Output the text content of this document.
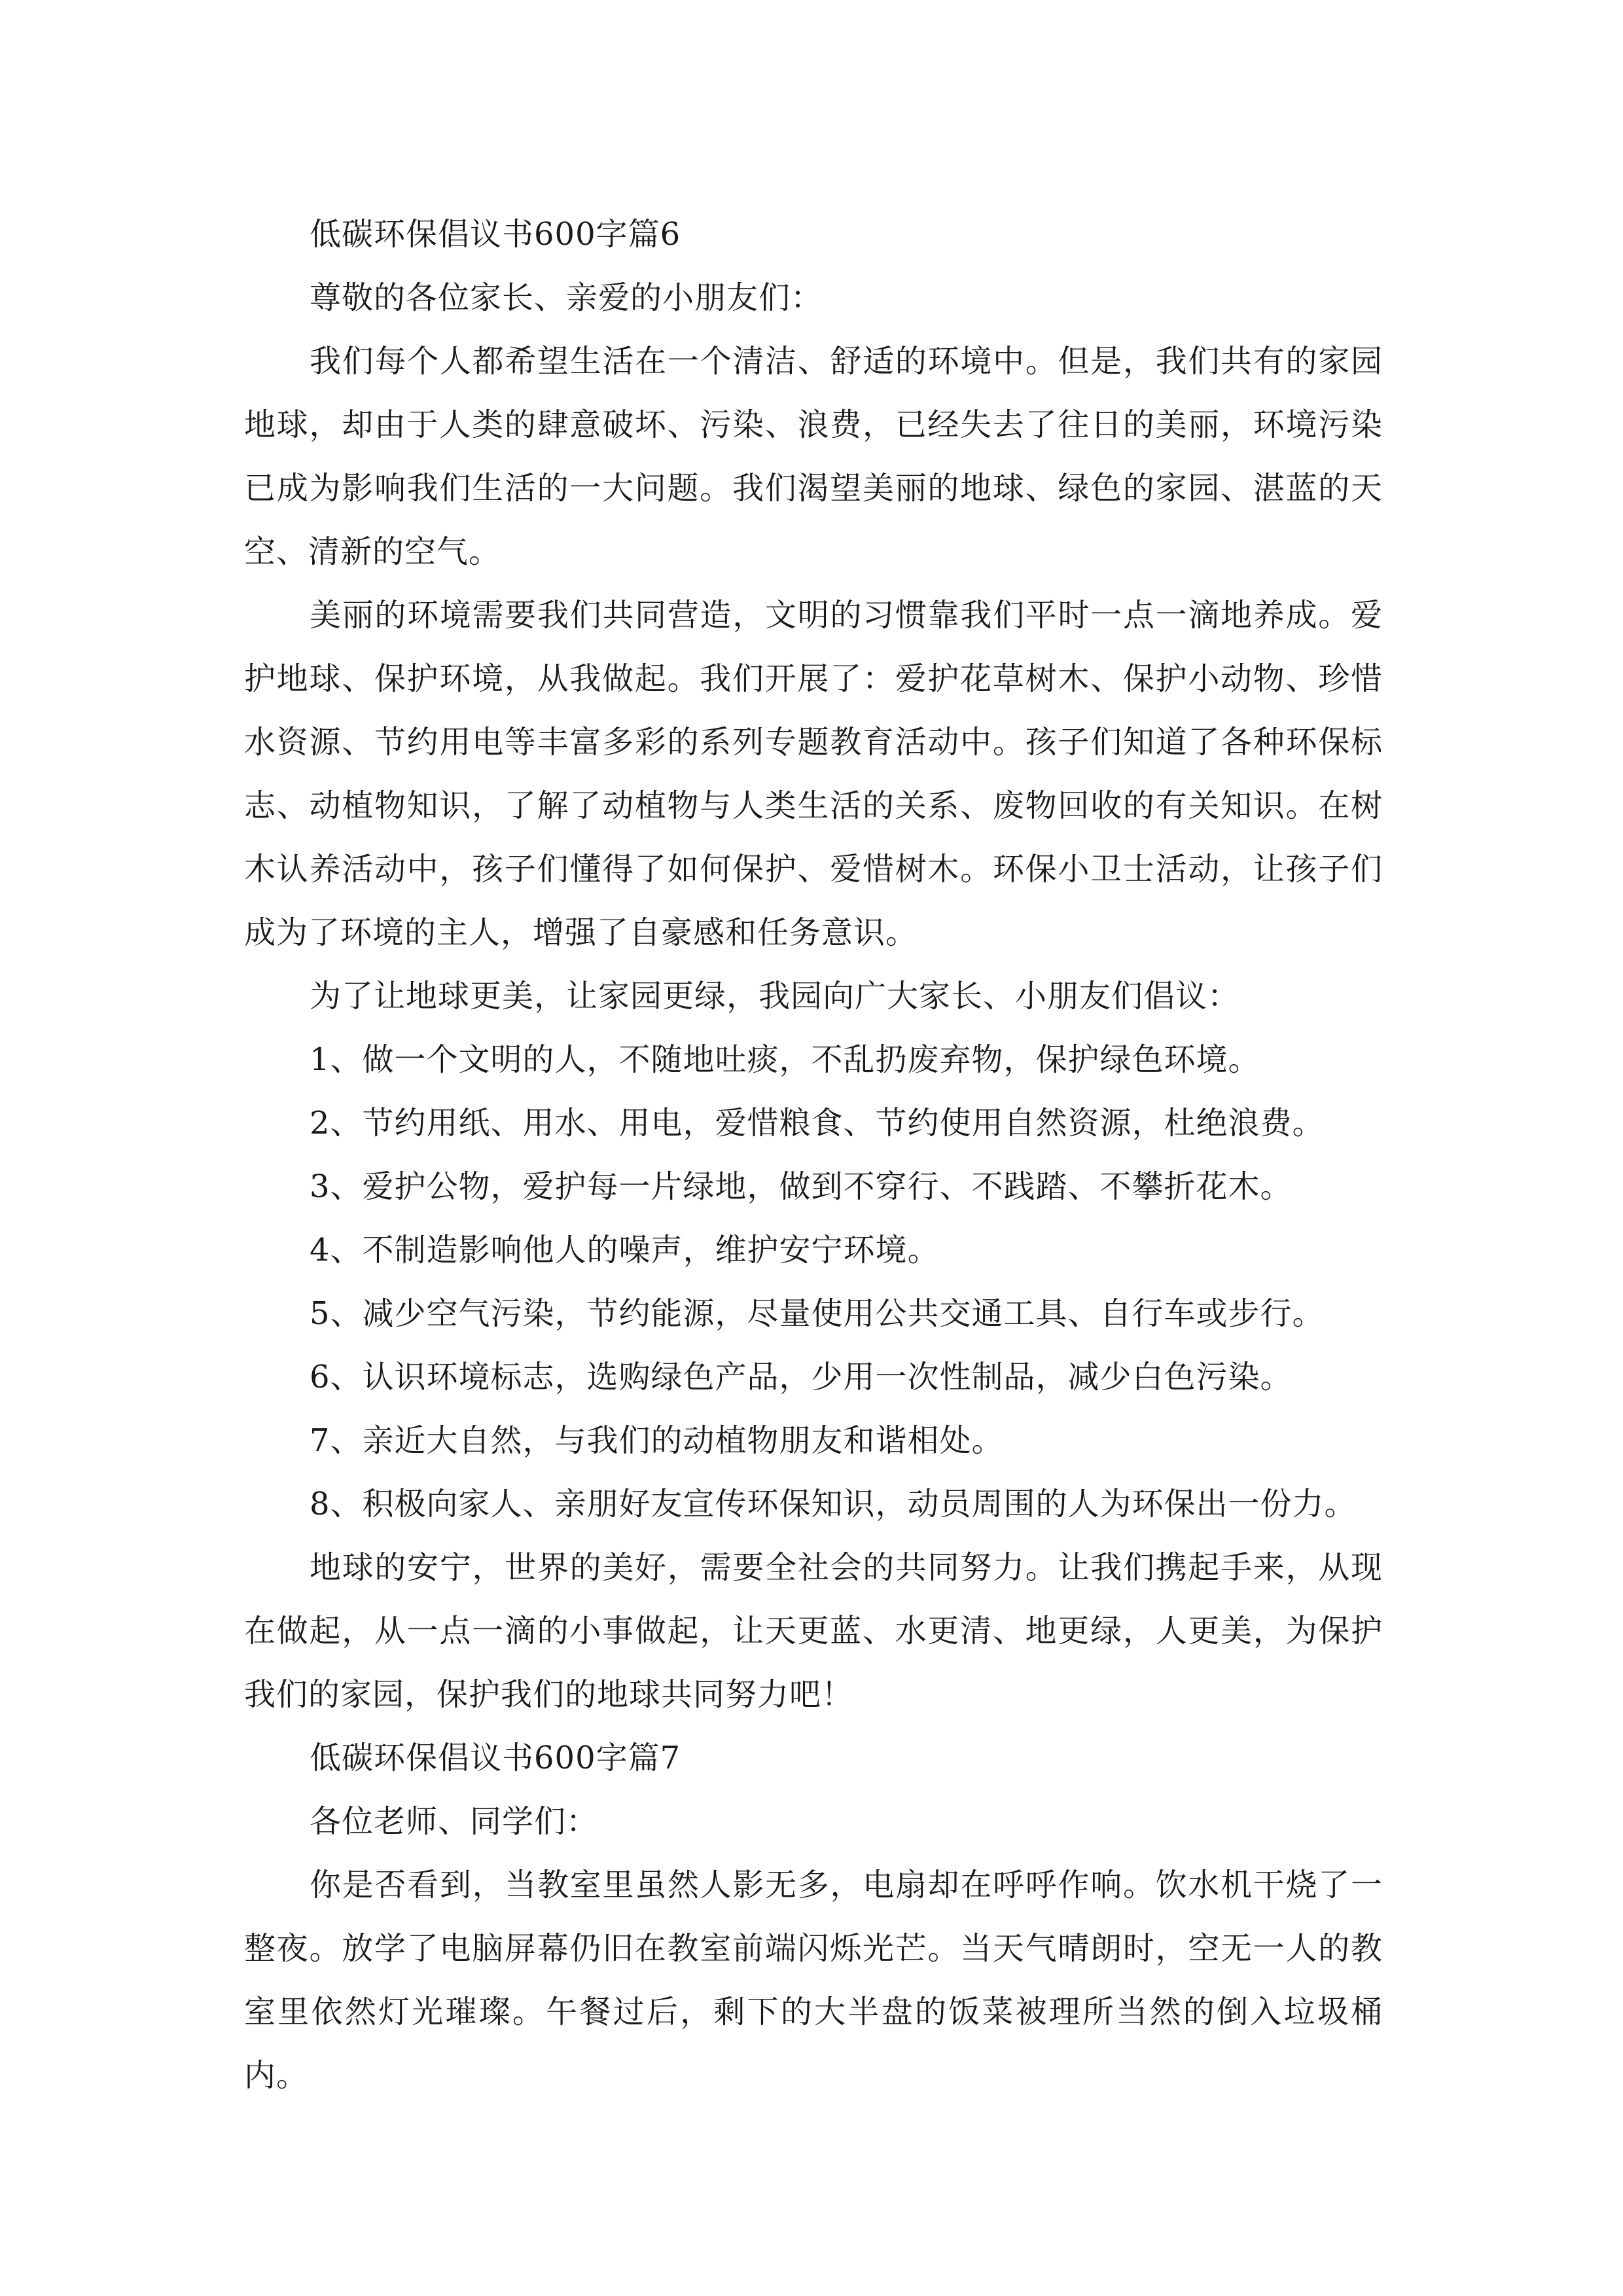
低碳环保倡议书600字篇6

尊敬的各位家长、亲爱的小朋友们：

我们每个人都希望生活在一个清洁、舒适的环境中。但是，我们共有的家园地球，却由于人类的肆意破坏、污染、浪费，已经失去了往日的美丽，环境污染已成为影响我们生活的一大问题。我们渴望美丽的地球、绿色的家园、湛蓝的天空、清新的空气。

美丽的环境需要我们共同营造，文明的习惯靠我们平时一点一滴地养成。爱护地球、保护环境，从我做起。我们开展了：爱护花草树木、保护小动物、珍惜水资源、节约用电等丰富多彩的系列专题教育活动中。孩子们知道了各种环保标志、动植物知识，了解了动植物与人类生活的关系、废物回收的有关知识。在树木认养活动中，孩子们懂得了如何保护、爱惜树木。环保小卫士活动，让孩子们成为了环境的主人，增强了自豪感和任务意识。

为了让地球更美，让家园更绿，我园向广大家长、小朋友们倡议：

1、做一个文明的人，不随地吐痰，不乱扔废弃物，保护绿色环境。

2、节约用纸、用水、用电，爱惜粮食、节约使用自然资源，杜绝浪费。

3、爱护公物，爱护每一片绿地，做到不穿行、不践踏、不攀折花木。

4、不制造影响他人的噪声，维护安宁环境。

5、减少空气污染，节约能源，尽量使用公共交通工具、自行车或步行。

6、认识环境标志，选购绿色产品，少用一次性制品，减少白色污染。

7、亲近大自然，与我们的动植物朋友和谐相处。

8、积极向家人、亲朋好友宣传环保知识，动员周围的人为环保出一份力。

地球的安宁，世界的美好，需要全社会的共同努力。让我们携起手来，从现在做起，从一点一滴的小事做起，让天更蓝、水更清、地更绿，人更美，为保护我们的家园，保护我们的地球共同努力吧！

低碳环保倡议书600字篇7

各位老师、同学们：

你是否看到，当教室里虽然人影无多，电扇却在呼呼作响。饮水机干烧了一整夜。放学了电脑屏幕仍旧在教室前端闪烁光芒。当天气晴朗时，空无一人的教室里依然灯光璀璨。午餐过后，剩下的大半盘的饭菜被理所当然的倒入垃圾桶内。
